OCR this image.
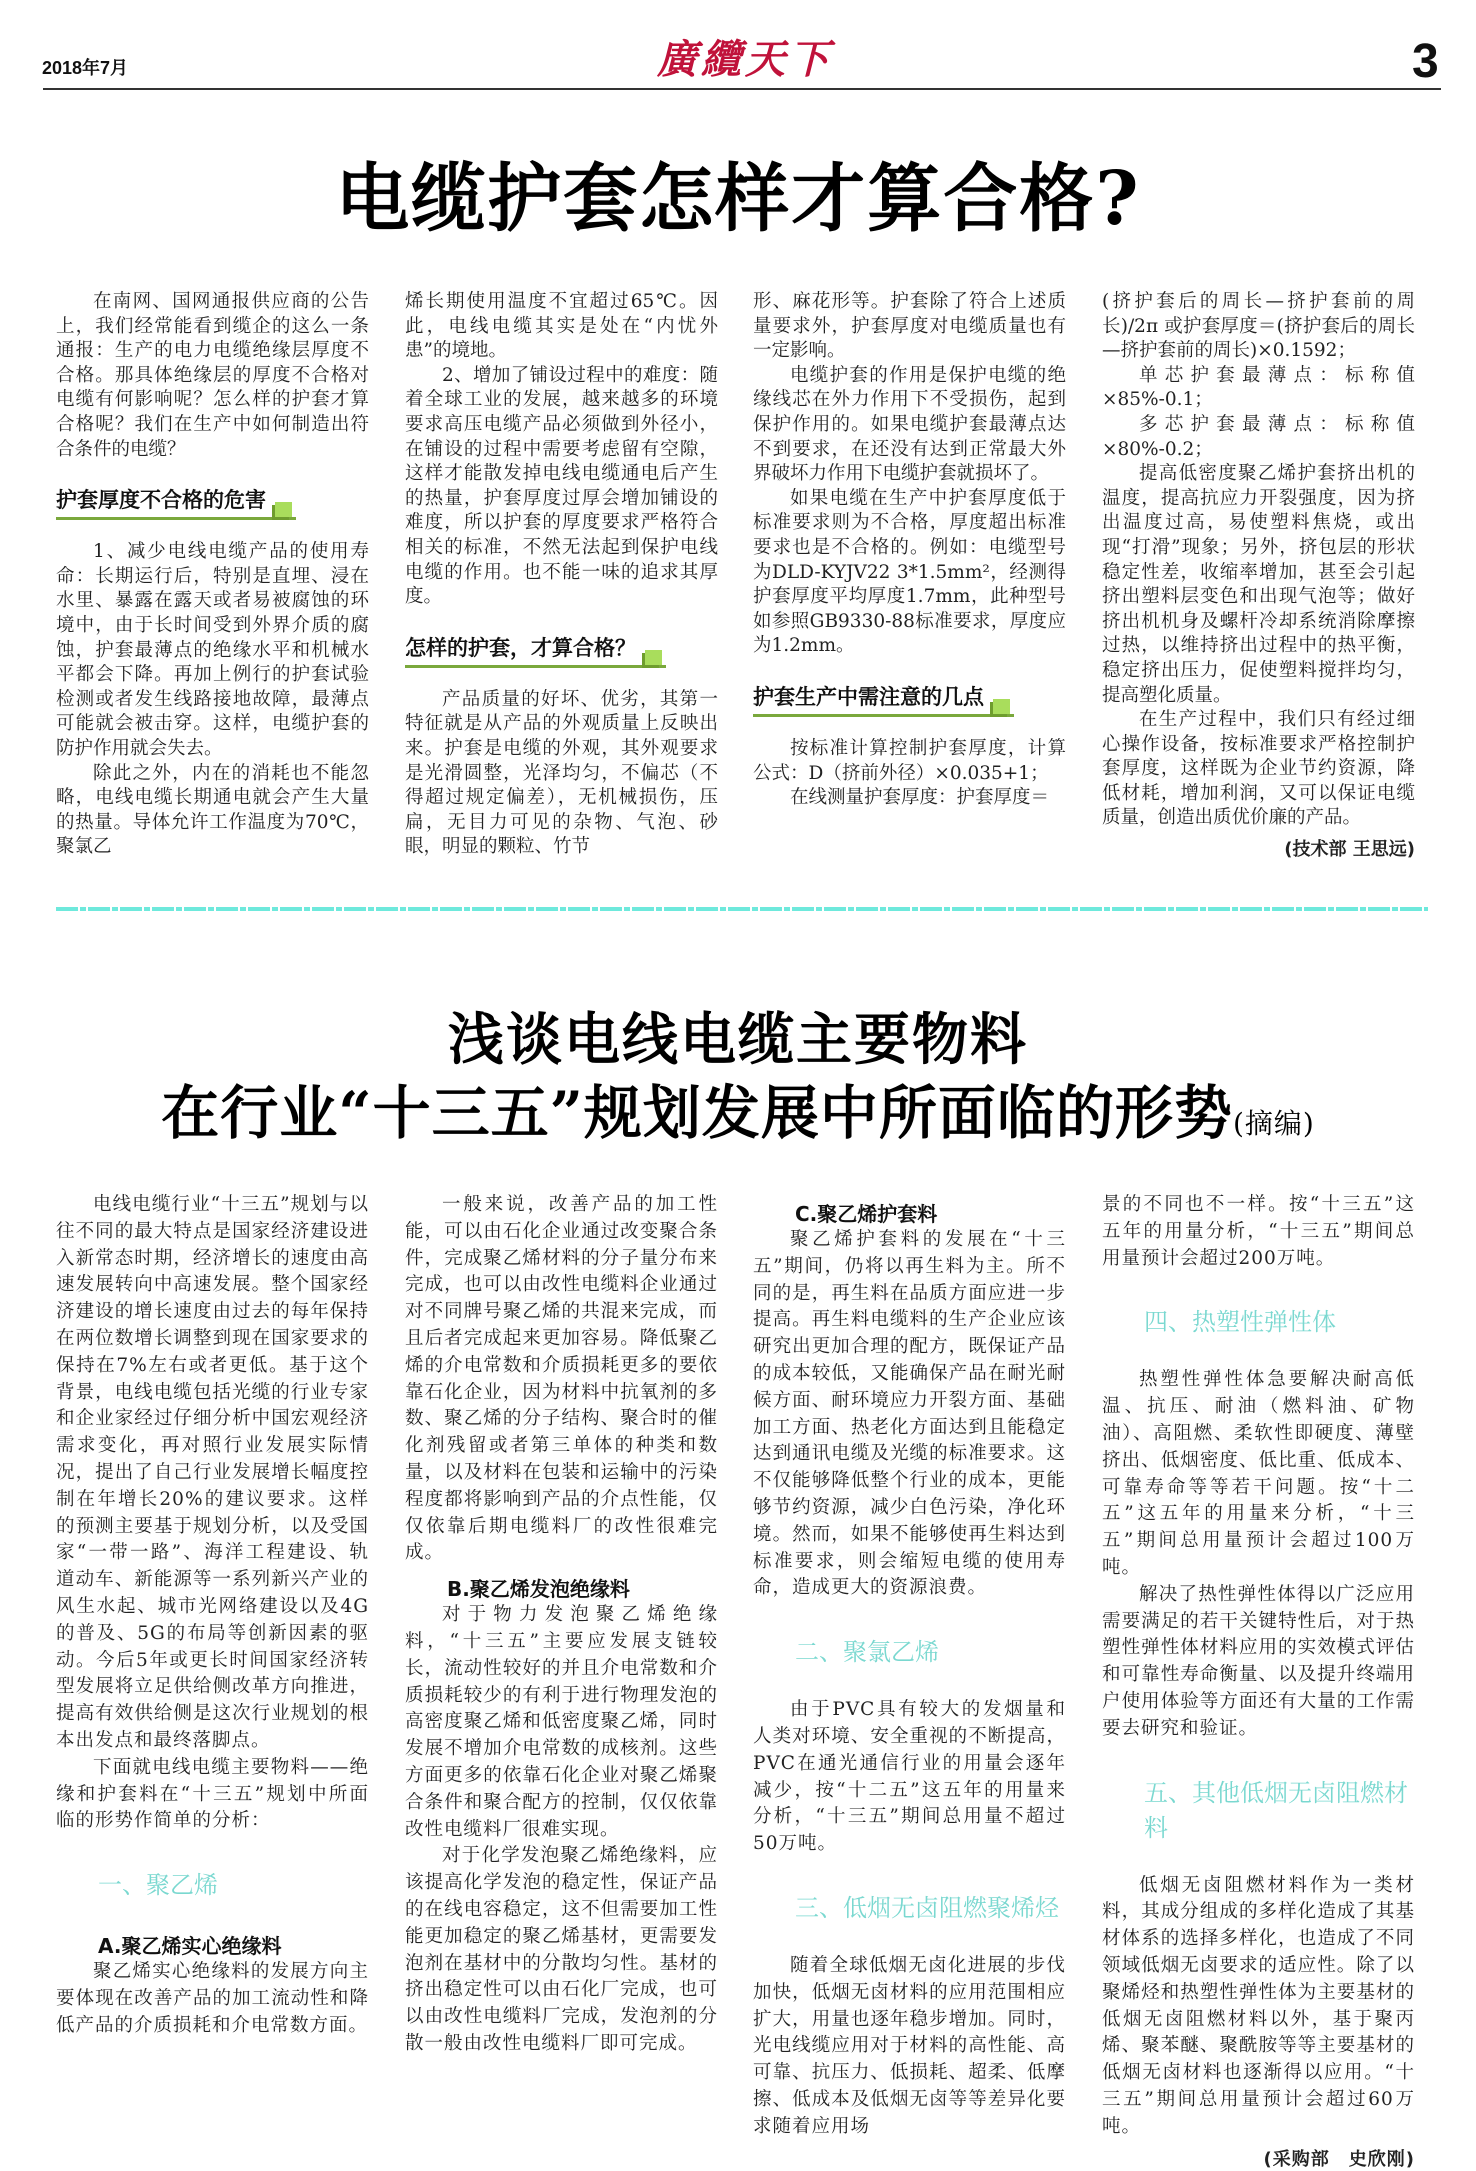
2018年7月	廣纜天下	3
电缆护套怎样才算合格?

在南网、国网通报供应商的公告上，我们经常能看到缆企的这么一条通报：生产的电力电缆绝缘层厚度不合格。那具体绝缘层的厚度不合格对电缆有何影响呢？怎么样的护套才算合格呢？我们在生产中如何制造出符合条件的电缆？

护套厚度不合格的危害

1、减少电线电缆产品的使用寿命：长期运行后，特别是直埋、浸在水里、暴露在露天或者易被腐蚀的环境中，由于长时间受到外界介质的腐蚀，护套最薄点的绝缘水平和机械水平都会下降。再加上例行的护套试验检测或者发生线路接地故障，最薄点可能就会被击穿。这样，电缆护套的防护作用就会失去。

除此之外，内在的消耗也不能忽略，电线电缆长期通电就会产生大量的热量。导体允许工作温度为70℃，聚氯乙

烯长期使用温度不宜超过65℃。因此，电线电缆其实是处在“内忧外患”的境地。

2、增加了铺设过程中的难度：随着全球工业的发展，越来越多的环境要求高压电缆产品必须做到外径小，在铺设的过程中需要考虑留有空隙，这样才能散发掉电线电缆通电后产生的热量，护套厚度过厚会增加铺设的难度，所以护套的厚度要求严格符合相关的标准，不然无法起到保护电线电缆的作用。也不能一味的追求其厚度。

怎样的护套，才算合格？

产品质量的好坏、优劣，其第一特征就是从产品的外观质量上反映出来。护套是电缆的外观，其外观要求是光滑圆整，光泽均匀，不偏芯（不得超过规定偏差），无机械损伤，压扁，无目力可见的杂物、气泡、砂眼，明显的颗粒、竹节

形、麻花形等。护套除了符合上述质量要求外，护套厚度对电缆质量也有一定影响。

电缆护套的作用是保护电缆的绝缘线芯在外力作用下不受损伤，起到保护作用的。如果电缆护套最薄点达不到要求，在还没有达到正常最大外界破坏力作用下电缆护套就损坏了。

如果电缆在生产中护套厚度低于标准要求则为不合格，厚度超出标准要求也是不合格的。例如：电缆型号为DLD-KYJV22 3*1.5mm²，经测得护套厚度平均厚度1.7mm，此种型号如参照GB9330-88标准要求，厚度应为1.2mm。

护套生产中需注意的几点

按标准计算控制护套厚度，计算公式：D（挤前外径）×0.035+1；

在线测量护套厚度：护套厚度＝

(挤护套后的周长—挤护套前的周长)/2π 或护套厚度＝(挤护套后的周长—挤护套前的周长)×0.1592；

单芯护套最薄点：标称值×85%-0.1；

多芯护套最薄点：标称值×80%-0.2；

提高低密度聚乙烯护套挤出机的温度，提高抗应力开裂强度，因为挤出温度过高，易使塑料焦烧，或出现“打滑”现象；另外，挤包层的形状稳定性差，收缩率增加，甚至会引起挤出塑料层变色和出现气泡等；做好挤出机机身及螺杆冷却系统消除摩擦过热，以维持挤出过程中的热平衡，稳定挤出压力，促使塑料搅拌均匀，提高塑化质量。

在生产过程中，我们只有经过细心操作设备，按标准要求严格控制护套厚度，这样既为企业节约资源，降低材耗，增加利润，又可以保证电缆质量，创造出质优价廉的产品。

(技术部 王思远)
浅谈电线电缆主要物料
在行业“十三五”规划发展中所面临的形势(摘编)

电线电缆行业“十三五”规划与以往不同的最大特点是国家经济建设进入新常态时期，经济增长的速度由高速发展转向中高速发展。整个国家经济建设的增长速度由过去的每年保持在两位数增长调整到现在国家要求的保持在7%左右或者更低。基于这个背景，电线电缆包括光缆的行业专家和企业家经过仔细分析中国宏观经济需求变化，再对照行业发展实际情况，提出了自己行业发展增长幅度控制在年增长20%的建议要求。这样的预测主要基于规划分析，以及受国家“一带一路”、海洋工程建设、轨道动车、新能源等一系列新兴产业的风生水起、城市光网络建设以及4G的普及、5G的布局等创新因素的驱动。今后5年或更长时间国家经济转型发展将立足供给侧改革方向推进，提高有效供给侧是这次行业规划的根本出发点和最终落脚点。

下面就电线电缆主要物料——绝缘和护套料在“十三五”规划中所面临的形势作简单的分析：

一、聚乙烯
A.聚乙烯实心绝缘料

聚乙烯实心绝缘料的发展方向主要体现在改善产品的加工流动性和降低产品的介质损耗和介电常数方面。

一般来说，改善产品的加工性能，可以由石化企业通过改变聚合条件，完成聚乙烯材料的分子量分布来完成，也可以由改性电缆料企业通过对不同牌号聚乙烯的共混来完成，而且后者完成起来更加容易。降低聚乙烯的介电常数和介质损耗更多的要依靠石化企业，因为材料中抗氧剂的多数、聚乙烯的分子结构、聚合时的催化剂残留或者第三单体的种类和数量，以及材料在包装和运输中的污染程度都将影响到产品的介点性能，仅仅依靠后期电缆料厂的改性很难完成。

B.聚乙烯发泡绝缘料

对于物力发泡聚乙烯绝缘料，“十三五”主要应发展支链较长，流动性较好的并且介电常数和介质损耗较少的有利于进行物理发泡的高密度聚乙烯和低密度聚乙烯，同时发展不增加介电常数的成核剂。这些方面更多的依靠石化企业对聚乙烯聚合条件和聚合配方的控制，仅仅依靠改性电缆料厂很难实现。

对于化学发泡聚乙烯绝缘料，应该提高化学发泡的稳定性，保证产品的在线电容稳定，这不但需要加工性能更加稳定的聚乙烯基材，更需要发泡剂在基材中的分散均匀性。基材的挤出稳定性可以由石化厂完成，也可以由改性电缆料厂完成，发泡剂的分散一般由改性电缆料厂即可完成。

C.聚乙烯护套料

聚乙烯护套料的发展在“十三五”期间，仍将以再生料为主。所不同的是，再生料在品质方面应进一步提高。再生料电缆料的生产企业应该研究出更加合理的配方，既保证产品的成本较低，又能确保产品在耐光耐候方面、耐环境应力开裂方面、基础加工方面、热老化方面达到且能稳定达到通讯电缆及光缆的标准要求。这不仅能够降低整个行业的成本，更能够节约资源，减少白色污染，净化环境。然而，如果不能够使再生料达到标准要求，则会缩短电缆的使用寿命，造成更大的资源浪费。

二、聚氯乙烯

由于PVC具有较大的发烟量和人类对环境、安全重视的不断提高，PVC在通光通信行业的用量会逐年减少，按“十二五”这五年的用量来分析，“十三五”期间总用量不超过50万吨。

三、低烟无卤阻燃聚烯烃

随着全球低烟无卤化进展的步伐加快，低烟无卤材料的应用范围相应扩大，用量也逐年稳步增加。同时，光电线缆应用对于材料的高性能、高可靠、抗压力、低损耗、超柔、低摩擦、低成本及低烟无卤等等差异化要求随着应用场

景的不同也不一样。按“十三五”这五年的用量分析，“十三五”期间总用量预计会超过200万吨。

四、热塑性弹性体

热塑性弹性体急要解决耐高低温、抗压、耐油（燃料油、矿物油）、高阻燃、柔软性即硬度、薄壁挤出、低烟密度、低比重、低成本、可靠寿命等等若干问题。按“十二五”这五年的用量来分析，“十三五”期间总用量预计会超过100万吨。

解决了热性弹性体得以广泛应用需要满足的若干关键特性后，对于热塑性弹性体材料应用的实效模式评估和可靠性寿命衡量、以及提升终端用户使用体验等方面还有大量的工作需要去研究和验证。

五、其他低烟无卤阻燃材料

低烟无卤阻燃材料作为一类材料，其成分组成的多样化造成了其基材体系的选择多样化，也造成了不同领域低烟无卤要求的适应性。除了以聚烯烃和热塑性弹性体为主要基材的低烟无卤阻燃材料以外，基于聚丙烯、聚苯醚、聚酰胺等等主要基材的低烟无卤材料也逐渐得以应用。“十三五”期间总用量预计会超过60万吨。

(采购部　史欣刚)
